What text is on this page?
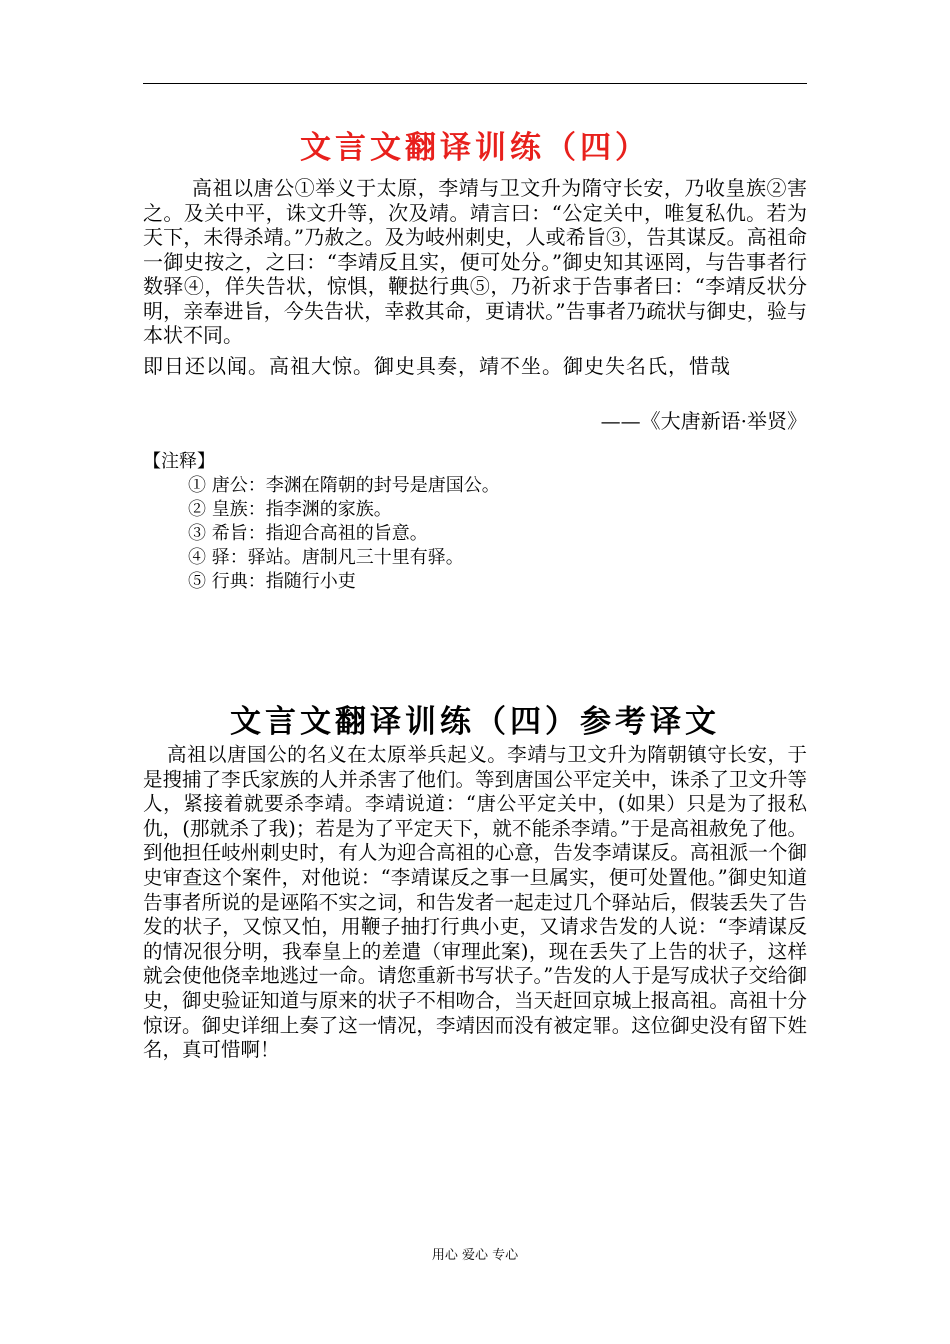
文言文翻译训练（四）
高祖以唐公①举义于太原，李靖与卫文升为隋守长安，乃收皇族②害之。及关中平，诛文升等，次及靖。靖言曰：“公定关中，唯复私仇。若为天下，未得杀靖。”乃赦之。及为岐州刺史，人或希旨③，告其谋反。高祖命一御史按之，之曰：“李靖反且实，便可处分。”御史知其诬罔，与告事者行数驿④，佯失告状，惊惧，鞭挞行典⑤，乃祈求于告事者曰：“李靖反状分明，亲奉进旨，今失告状，幸救其命，更请状。”告事者乃疏状与御史，验与本状不同。
即日还以闻。高祖大惊。御史具奏，靖不坐。御史失名氏，惜哉
——《大唐新语·举贤》
【注释】
① 唐公：李渊在隋朝的封号是唐国公。
② 皇族：指李渊的家族。
③ 希旨：指迎合高祖的旨意。
④ 驿：驿站。唐制凡三十里有驿。
⑤ 行典：指随行小吏
文言文翻译训练（四）参考译文
高祖以唐国公的名义在太原举兵起义。李靖与卫文升为隋朝镇守长安，于是搜捕了李氏家族的人并杀害了他们。等到唐国公平定关中，诛杀了卫文升等人，紧接着就要杀李靖。李靖说道：“唐公平定关中，(如果）只是为了报私仇，(那就杀了我)；若是为了平定天下，就不能杀李靖。”于是高祖赦免了他。到他担任岐州刺史时，有人为迎合高祖的心意，告发李靖谋反。高祖派一个御史审查这个案件，对他说：“李靖谋反之事一旦属实，便可处置他。”御史知道告事者所说的是诬陷不实之词，和告发者一起走过几个驿站后，假装丢失了告发的状子，又惊又怕，用鞭子抽打行典小吏，又请求告发的人说：“李靖谋反的情况很分明，我奉皇上的差遣（审理此案)，现在丢失了上告的状子，这样就会使他侥幸地逃过一命。请您重新书写状子。”告发的人于是写成状子交给御史，御史验证知道与原来的状子不相吻合，当天赶回京城上报高祖。高祖十分惊讶。御史详细上奏了这一情况，李靖因而没有被定罪。这位御史没有留下姓名，真可惜啊！
用心 爱心 专心
